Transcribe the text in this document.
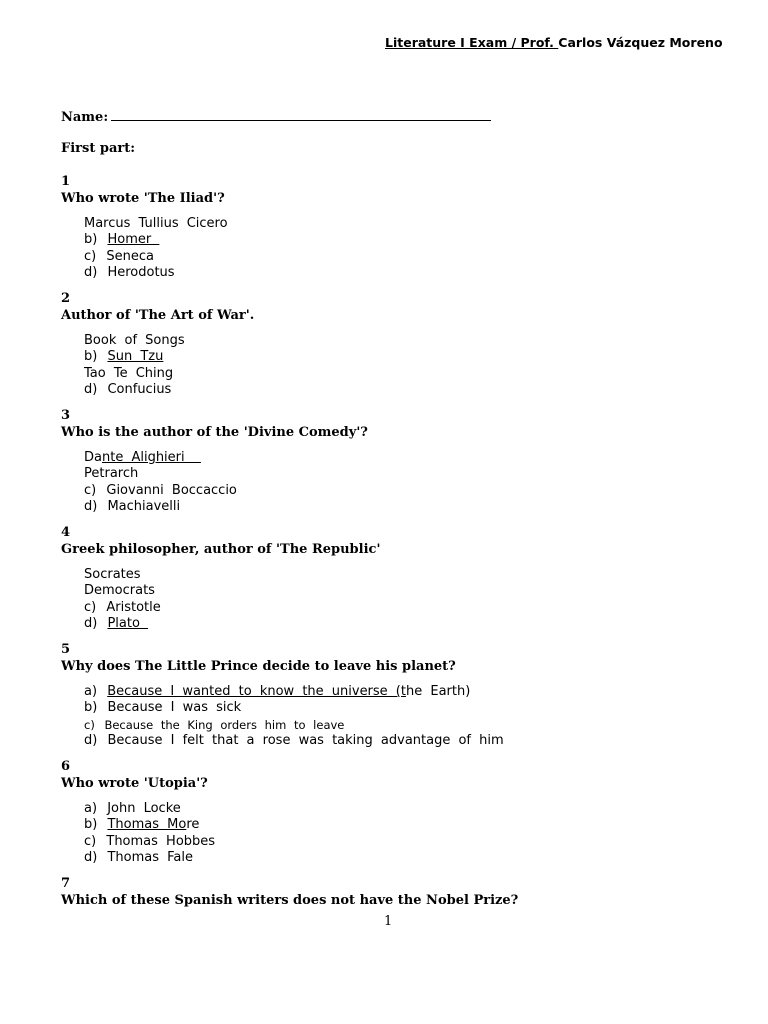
Literature I Exam / Prof. Carlos Vázquez Moreno
Name:
First part:
1
Who wrote 'The Iliad'?
Marcus Tullius Cicero
b) Homer
c) Seneca
d) Herodotus
2
Author of 'The Art of War'.
Book of Songs
b) Sun Tzu
Tao Te Ching
d) Confucius
3
Who is the author of the 'Divine Comedy'?
Dante Alighieri
Petrarch
c) Giovanni Boccaccio
d) Machiavelli
4
Greek philosopher, author of 'The Republic'
Socrates
Democrats
c) Aristotle
d) Plato
5
Why does The Little Prince decide to leave his planet?
a) Because I wanted to know the universe (the Earth)
b) Because I was sick
c) Because the King orders him to leave
d) Because I felt that a rose was taking advantage of him
6
Who wrote 'Utopia'?
a) John Locke
b) Thomas More
c) Thomas Hobbes
d) Thomas Fale
7
Which of these Spanish writers does not have the Nobel Prize?
1
